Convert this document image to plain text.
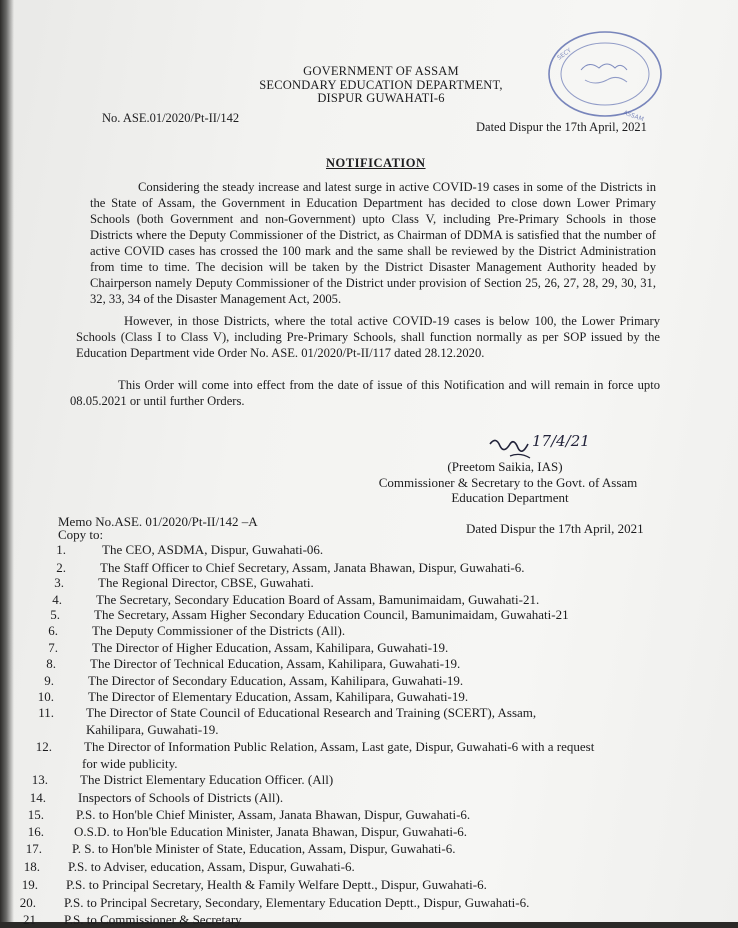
GOVERNMENT OF ASSAM
SECONDARY EDUCATION DEPARTMENT,
DISPUR GUWAHATI-6
SECY
ASSAM
No. ASE.01/2020/Pt-II/142
Dated Dispur the 17th April, 2021
NOTIFICATION
Considering the steady increase and latest surge in active COVID-19 cases in some of the Districts in the State of Assam, the Government in Education Department has decided to close down Lower Primary Schools (both Government and non-Government) upto Class V, including Pre-Primary Schools in those Districts where the Deputy Commissioner of the District, as Chairman of DDMA is satisfied that the number of active COVID cases has crossed the 100 mark and the same shall be reviewed by the District Administration from time to time. The decision will be taken by the District Disaster Management Authority headed by Chairperson namely Deputy Commissioner of the District under provision of Section 25, 26, 27, 28, 29, 30, 31, 32, 33, 34 of the Disaster Management Act, 2005.
However, in those Districts, where the total active COVID-19 cases is below 100, the Lower Primary Schools (Class I to Class V), including Pre-Primary Schools, shall function normally as per SOP issued by the Education Department vide Order No. ASE. 01/2020/Pt-II/117 dated 28.12.2020.
This Order will come into effect from the date of issue of this Notification and will remain in force upto 08.05.2021 or until further Orders.
17/4/21
(Preetom Saikia, IAS)
Commissioner & Secretary to the Govt. of Assam
Education Department
Memo No.ASE. 01/2020/Pt-II/142 –A	Dated Dispur the 17th April, 2021
Copy to:
1.	The CEO, ASDMA, Dispur, Guwahati-06.
2.	The Staff Officer to Chief Secretary, Assam, Janata Bhawan, Dispur, Guwahati-6.
3.	The Regional Director, CBSE, Guwahati.
4.	The Secretary, Secondary Education Board of Assam, Bamunimaidam, Guwahati-21.
5.	The Secretary, Assam Higher Secondary Education Council, Bamunimaidam, Guwahati-21
6.	The Deputy Commissioner of the Districts (All).
7.	The Director of Higher Education, Assam, Kahilipara, Guwahati-19.
8.	The Director of Technical Education, Assam, Kahilipara, Guwahati-19.
9.	The Director of Secondary Education, Assam, Kahilipara, Guwahati-19.
10.	The Director of Elementary Education, Assam, Kahilipara, Guwahati-19.
11. The Director of State Council of Educational Research and Training (SCERT), Assam,
Kahilipara, Guwahati-19.
12. The Director of Information Public Relation, Assam, Last gate, Dispur, Guwahati-6 with a request
for wide publicity.
13. The District Elementary Education Officer. (All)
14. Inspectors of Schools of Districts (All).
15. P.S. to Hon'ble Chief Minister, Assam, Janata Bhawan, Dispur, Guwahati-6.
16. O.S.D. to Hon'ble Education Minister, Janata Bhawan, Dispur, Guwahati-6.
17. P. S. to Hon'ble Minister of State, Education, Assam, Dispur, Guwahati-6.
18. P.S. to Adviser, education, Assam, Dispur, Guwahati-6.
19. P.S. to Principal Secretary, Health & Family Welfare Deptt., Dispur, Guwahati-6.
20. P.S. to Principal Secretary, Secondary, Elementary Education Deptt., Dispur, Guwahati-6.
21 P.S. to Commissioner & Secretary
